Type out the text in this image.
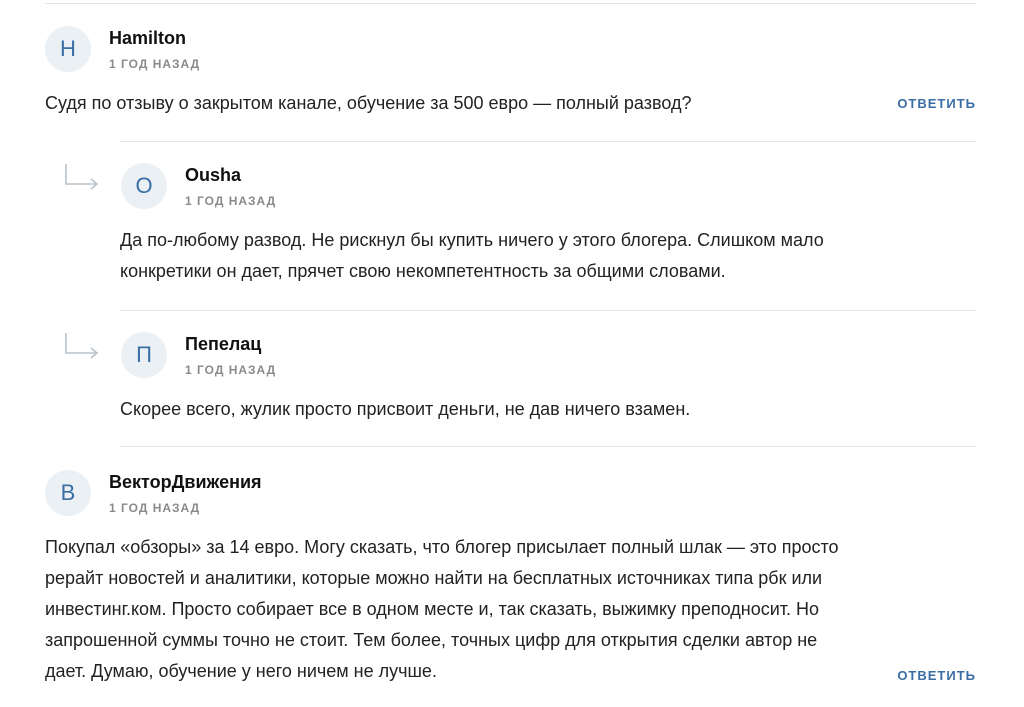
H	Hamilton
1 ГОД НАЗАД
Судя по отзыву о закрытом канале, обучение за 500 евро — полный развод?	ОТВЕТИТЬ
O	Ousha
1 ГОД НАЗАД
Да по-любому развод. Не рискнул бы купить ничего у этого блогера. Слишком мало конкретики он дает, прячет свою некомпетентность за общими словами.
П	Пепелац
1 ГОД НАЗАД
Скорее всего, жулик просто присвоит деньги, не дав ничего взамен.
В	ВекторДвижения
1 ГОД НАЗАД
Покупал «обзоры» за 14 евро. Могу сказать, что блогер присылает полный шлак — это просто рерайт новостей и аналитики, которые можно найти на бесплатных источниках типа рбк или инвестинг.ком. Просто собирает все в одном месте и, так сказать, выжимку преподносит. Но запрошенной суммы точно не стоит. Тем более, точных цифр для открытия сделки автор не дает. Думаю, обучение у него ничем не лучше.	ОТВЕТИТЬ
